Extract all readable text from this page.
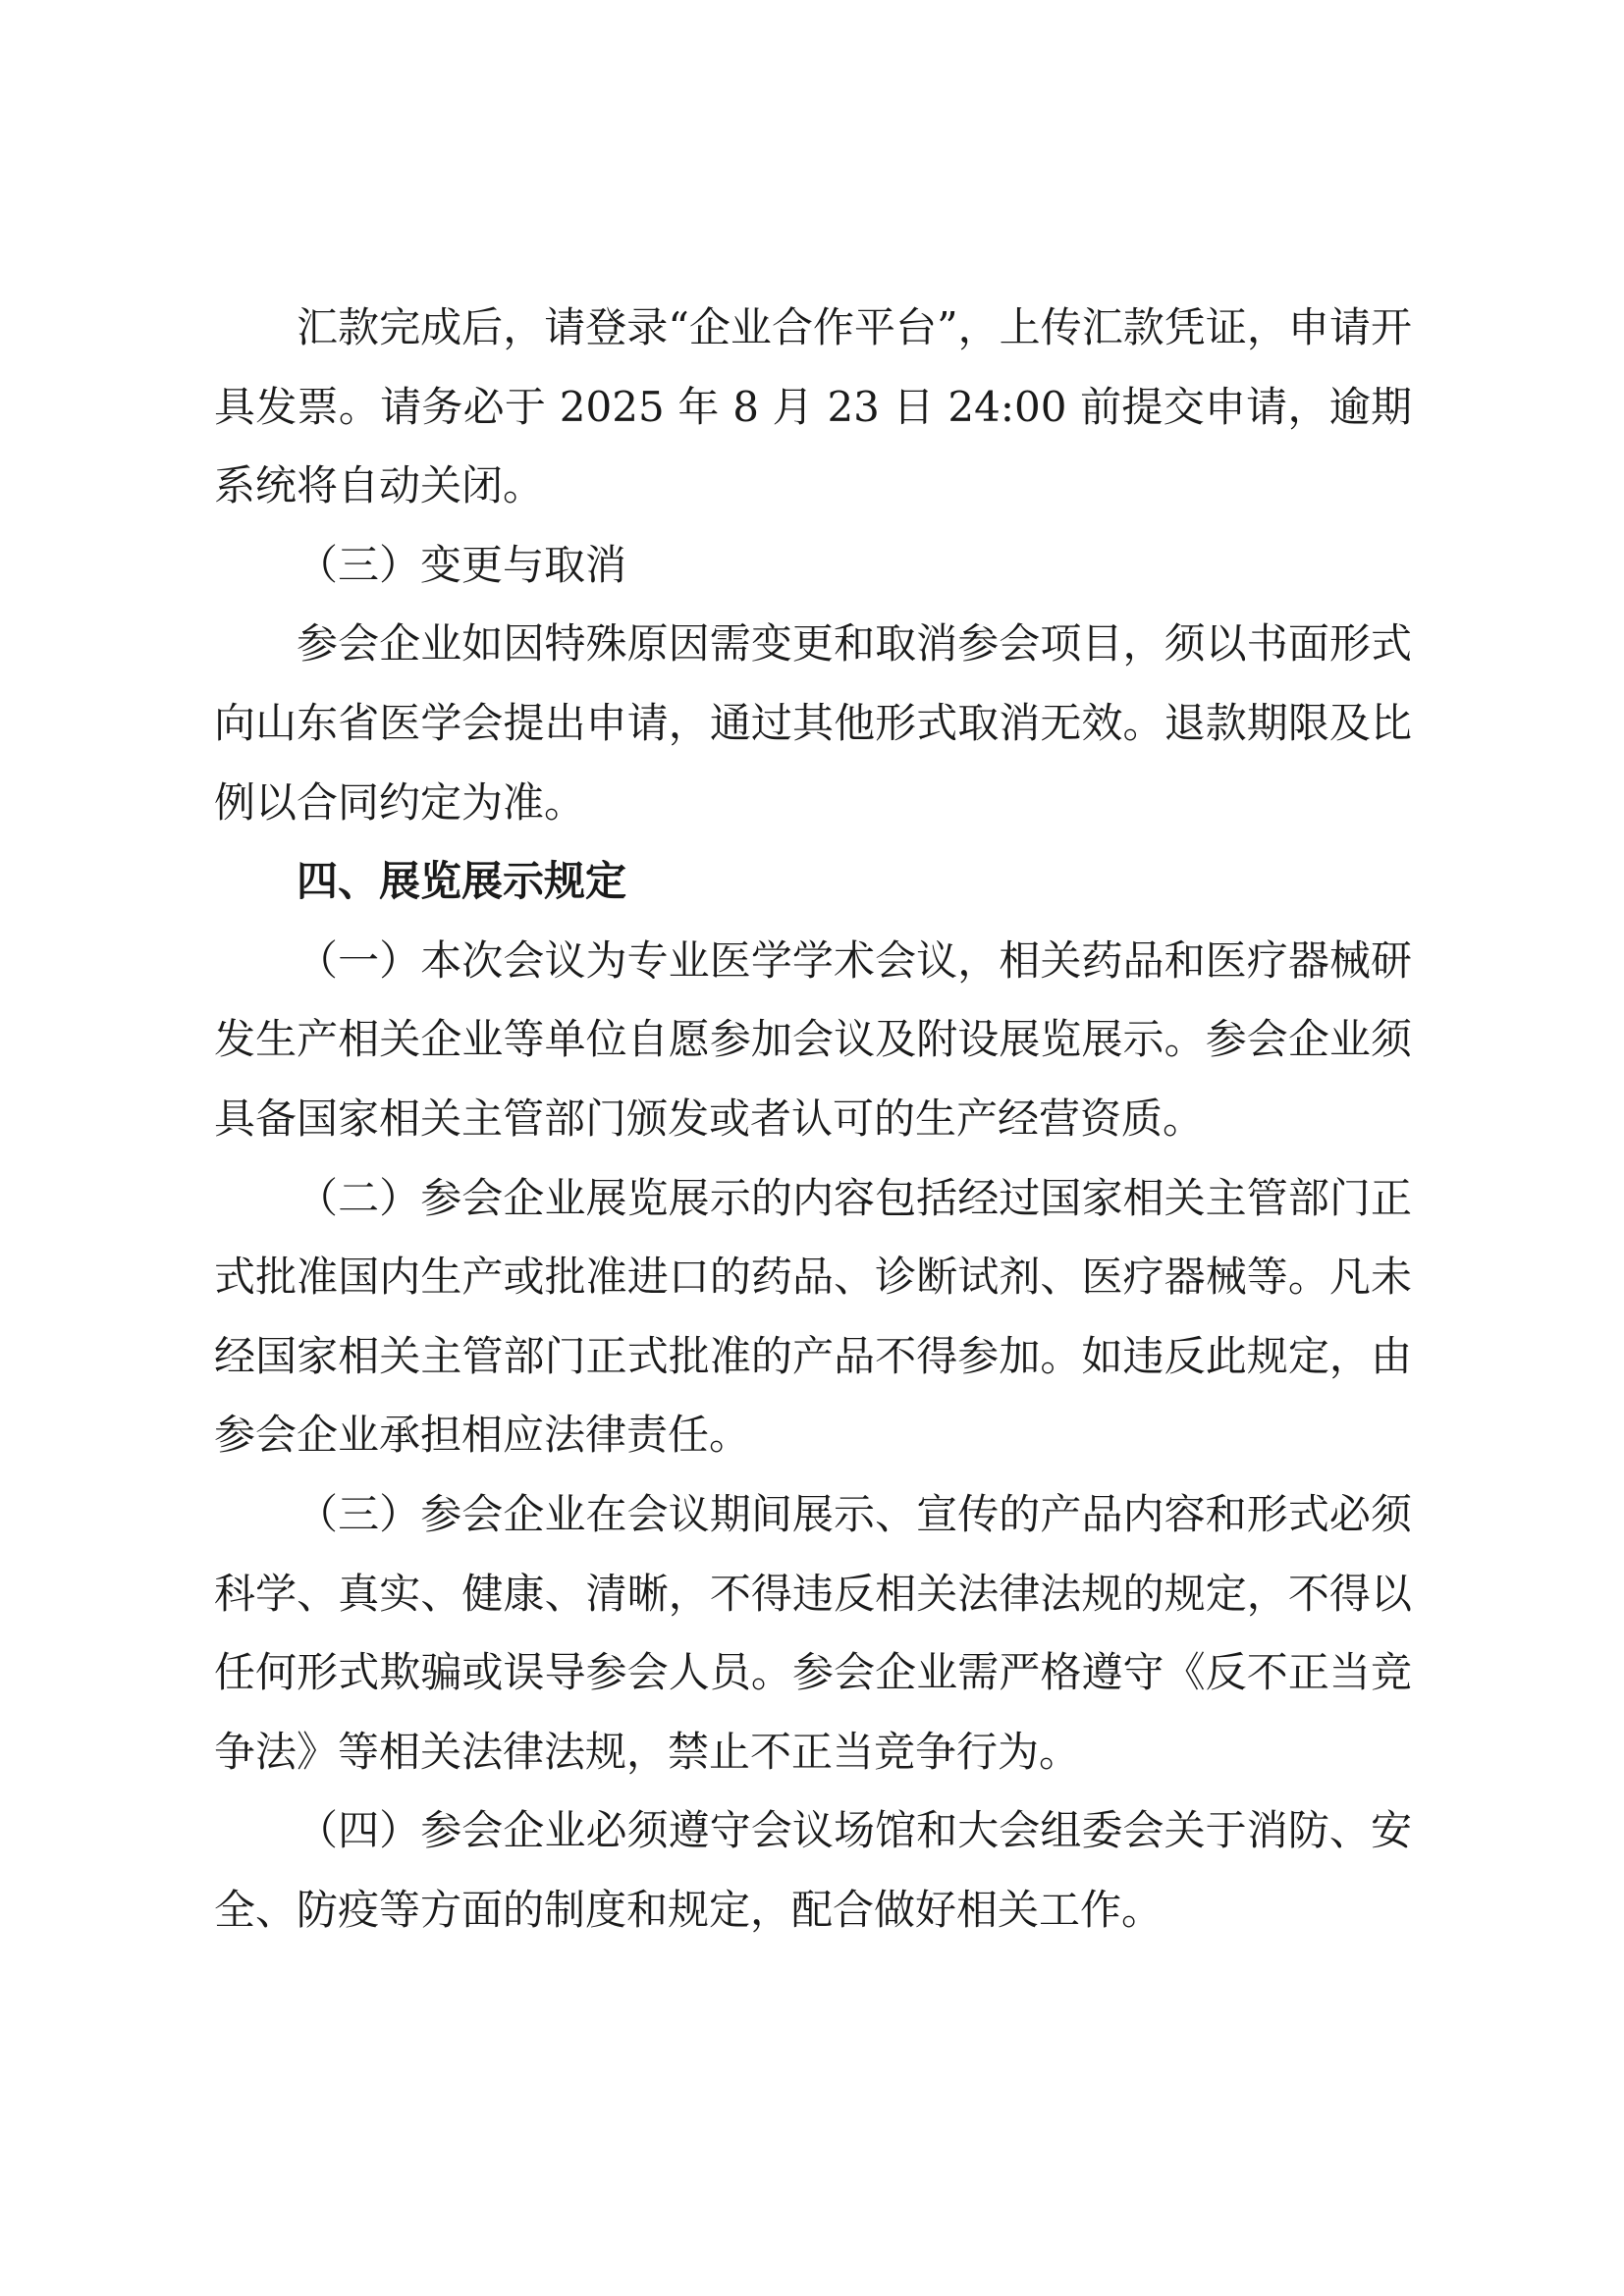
汇款完成后，请登录“企业合作平台”，上传汇款凭证，申请开具发票。请务必于 2025 年 8 月 23 日 24:00 前提交申请，逾期系统将自动关闭。

（三）变更与取消

参会企业如因特殊原因需变更和取消参会项目，须以书面形式向山东省医学会提出申请，通过其他形式取消无效。退款期限及比例以合同约定为准。

四、展览展示规定

（一）本次会议为专业医学学术会议，相关药品和医疗器械研发生产相关企业等单位自愿参加会议及附设展览展示。参会企业须具备国家相关主管部门颁发或者认可的生产经营资质。

（二）参会企业展览展示的内容包括经过国家相关主管部门正式批准国内生产或批准进口的药品、诊断试剂、医疗器械等。凡未经国家相关主管部门正式批准的产品不得参加。如违反此规定，由参会企业承担相应法律责任。

（三）参会企业在会议期间展示、宣传的产品内容和形式必须科学、真实、健康、清晰，不得违反相关法律法规的规定，不得以任何形式欺骗或误导参会人员。参会企业需严格遵守《反不正当竞争法》等相关法律法规，禁止不正当竞争行为。

（四）参会企业必须遵守会议场馆和大会组委会关于消防、安全、防疫等方面的制度和规定，配合做好相关工作。
